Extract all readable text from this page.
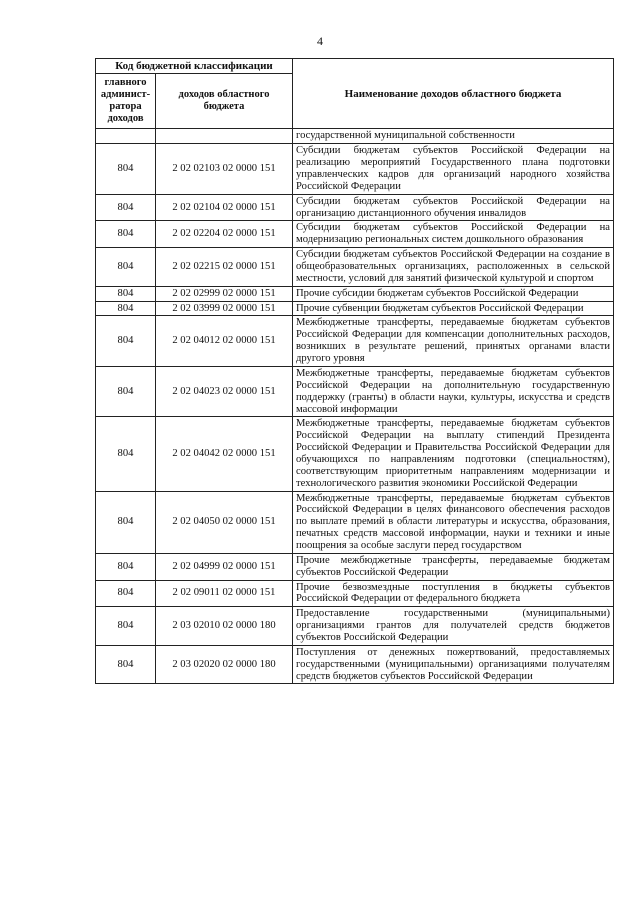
4
Код бюджетной классификации		Наименование доходов областного бюджета
главного админист- ратора доходов	доходов областного бюджета	
		государственной муниципальной собственности
804	2 02 02103 02 0000 151	Субсидии бюджетам субъектов Российской Федерации на реализацию мероприятий Государственного плана подготовки управленческих кадров для организаций народного хозяйства Российской Федерации
804	2 02 02104 02 0000 151	Субсидии бюджетам субъектов Российской Федерации на организацию дистанционного обучения инвалидов
804	2 02 02204 02 0000 151	Субсидии бюджетам субъектов Российской Федерации на модернизацию региональных систем дошкольного образования
804	2 02 02215 02 0000 151	Субсидии бюджетам субъектов Российской Федерации на создание в общеобразовательных организациях, расположенных в сельской местности, условий для занятий физической культурой и спортом
804	2 02 02999 02 0000 151	Прочие субсидии бюджетам субъектов Российской Федерации
804	2 02 03999 02 0000 151	Прочие субвенции бюджетам субъектов Российской Федерации
804	2 02 04012 02 0000 151	Межбюджетные трансферты, передаваемые бюджетам субъектов Российской Федерации для компенсации дополнительных расходов, возникших в результате решений, принятых органами власти другого уровня
804	2 02 04023 02 0000 151	Межбюджетные трансферты, передаваемые бюджетам субъектов Российской Федерации на дополнительную государственную поддержку (гранты) в области науки, культуры, искусства и средств массовой информации
804	2 02 04042 02 0000 151	Межбюджетные трансферты, передаваемые бюджетам субъектов Российской Федерации на выплату стипендий Президента Российской Федерации и Правительства Российской Федерации для обучающихся по направлениям подготовки (специальностям), соответствующим приоритетным направлениям модернизации и технологического развития экономики Российской Федерации
804	2 02 04050 02 0000 151	Межбюджетные трансферты, передаваемые бюджетам субъектов Российской Федерации в целях финансового обеспечения расходов по выплате премий в области литературы и искусства, образования, печатных средств массовой информации, науки и техники и иные поощрения за особые заслуги перед государством
804	2 02 04999 02 0000 151	Прочие межбюджетные трансферты, передаваемые бюджетам субъектов Российской Федерации
804	2 02 09011 02 0000 151	Прочие безвозмездные поступления в бюджеты субъектов Российской Федерации от федерального бюджета
804	2 03 02010 02 0000 180	Предоставление государственными (муниципальными) организациями грантов для получателей средств бюджетов субъектов Российской Федерации
804	2 03 02020 02 0000 180	Поступления от денежных пожертвований, предоставляемых государственными (муниципальными) организациями получателям средств бюджетов субъектов Российской Федерации
